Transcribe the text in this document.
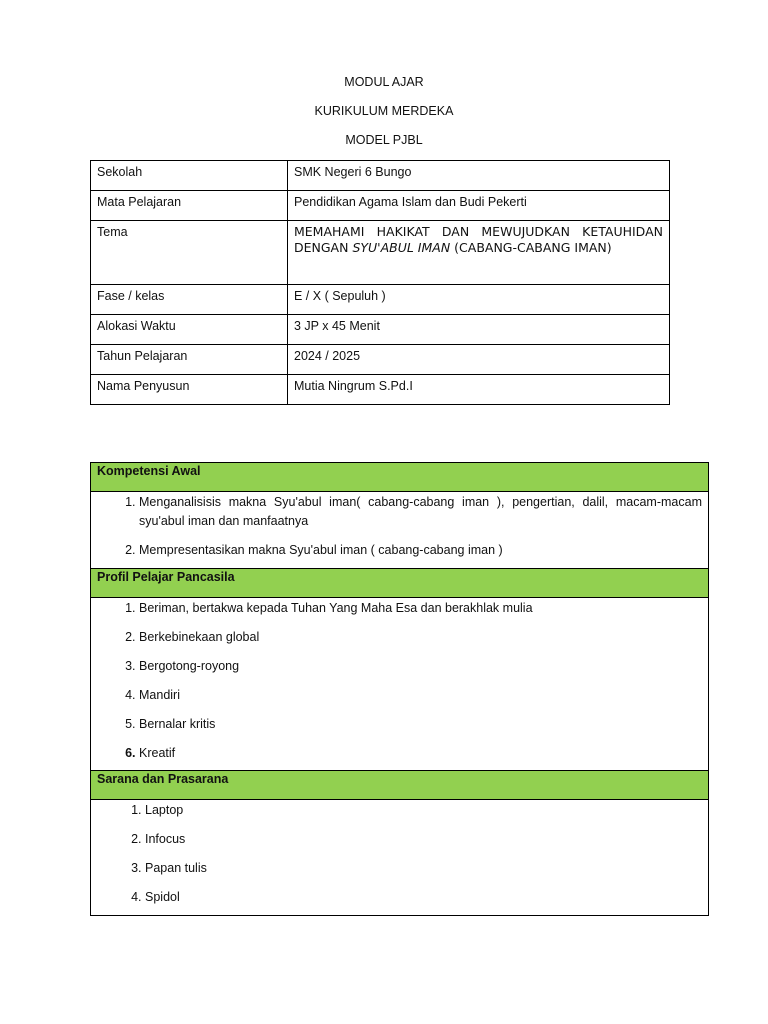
MODUL AJAR
KURIKULUM MERDEKA
MODEL PJBL
Sekolah	SMK Negeri 6 Bungo
Mata Pelajaran	Pendidikan Agama Islam dan Budi Pekerti
Tema	MEMAHAMI HAKIKAT DAN MEWUJUDKAN KETAUHIDAN DENGAN SYU'ABUL IMAN (CABANG-CABANG IMAN)
Fase / kelas	E / X ( Sepuluh )
Alokasi Waktu	3 JP x 45 Menit
Tahun Pelajaran	2024 / 2025
Nama Penyusun	Mutia Ningrum S.Pd.I
Kompetensi Awal

1. Menganalisisis makna Syu'abul iman( cabang-cabang iman ), pengertian, dalil, macam-macam syu'abul iman dan manfaatnya
2. Mempresentasikan makna Syu'abul iman ( cabang-cabang iman )

Profil Pelajar Pancasila

1. Beriman, bertakwa kepada Tuhan Yang Maha Esa dan berakhlak mulia
2. Berkebinekaan global
3. Bergotong-royong
4. Mandiri
5. Bernalar kritis
6. Kreatif

Sarana dan Prasarana

1. Laptop
2. Infocus
3. Papan tulis
4. Spidol
